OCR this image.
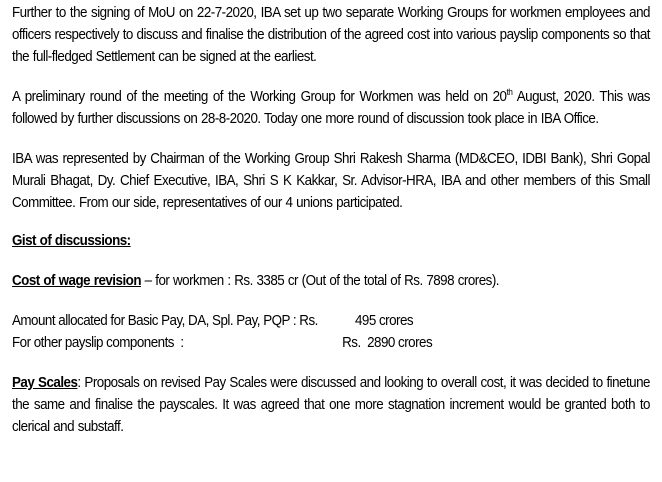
Further to the signing of MoU on 22-7-2020, IBA set up two separate Working Groups for workmen employees and officers respectively to discuss and finalise the distribution of the agreed cost into various payslip components so that the full-fledged Settlement can be signed at the earliest.

A preliminary round of the meeting of the Working Group for Workmen was held on 20th August, 2020. This was followed by further discussions on 28-8-2020. Today one more round of discussion took place in IBA Office.

IBA was represented by Chairman of the Working Group Shri Rakesh Sharma (MD&CEO, IDBI Bank), Shri Gopal Murali Bhagat, Dy. Chief Executive, IBA, Shri S K Kakkar, Sr. Advisor-HRA, IBA and other members of this Small Committee. From our side, representatives of our 4 unions participated.

Gist of discussions:

Cost of wage revision – for workmen : Rs. 3385 cr (Out of the total of Rs. 7898 crores).

Amount allocated for Basic Pay, DA, Spl. Pay, PQP : Rs.	495 crores
For other payslip components  :	Rs.  2890 crores

Pay Scales: Proposals on revised Pay Scales were discussed and looking to overall cost, it was decided to finetune the same and finalise the payscales. It was agreed that one more stagnation increment would be granted both to clerical and substaff.
